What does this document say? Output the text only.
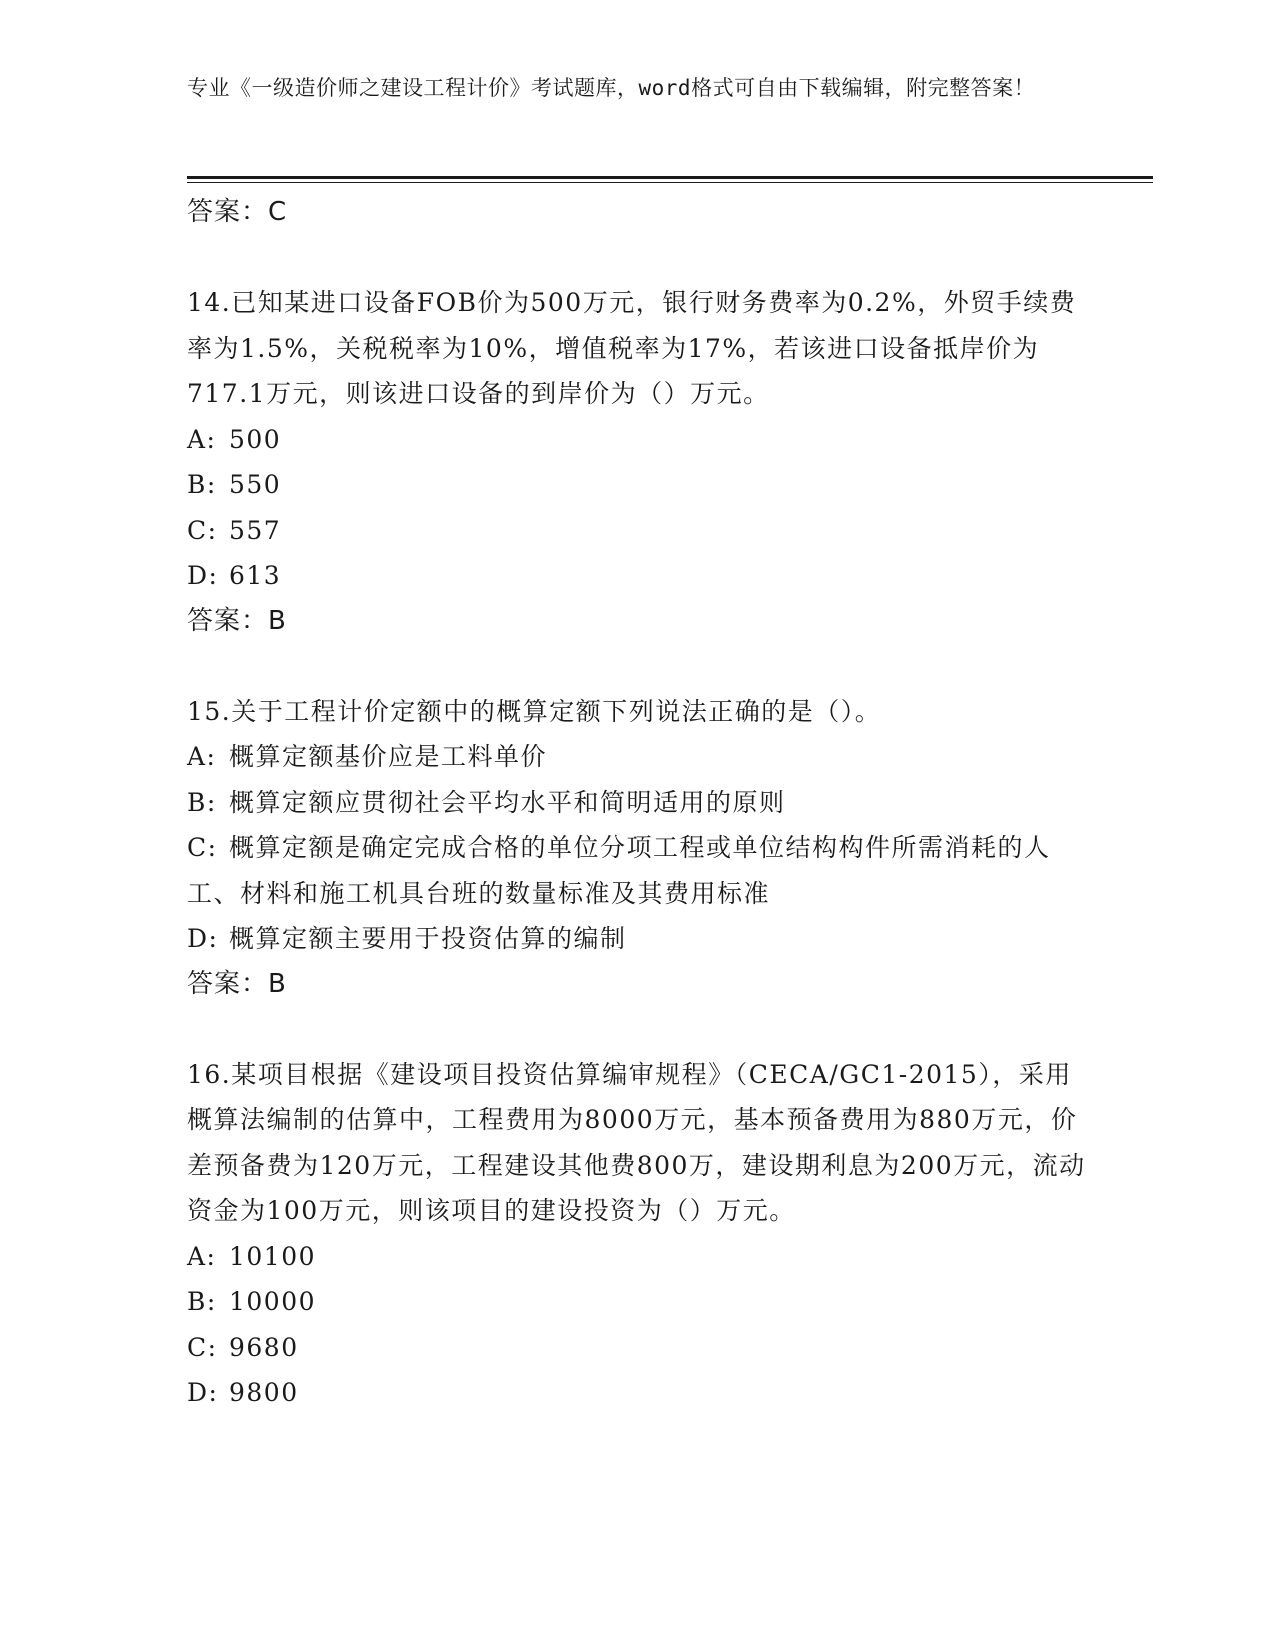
专业《一级造价师之建设工程计价》考试题库，word格式可自由下载编辑，附完整答案！
答案：C
14.已知某进口设备FOB价为500万元，银行财务费率为0.2%，外贸手续费率为1.5%，关税税率为10%，增值税率为17%，若该进口设备抵岸价为717.1万元，则该进口设备的到岸价为（）万元。
A: 500
B: 550
C: 557
D: 613
答案：B
15.关于工程计价定额中的概算定额下列说法正确的是（）。
A: 概算定额基价应是工料单价
B: 概算定额应贯彻社会平均水平和简明适用的原则
C: 概算定额是确定完成合格的单位分项工程或单位结构构件所需消耗的人工、材料和施工机具台班的数量标准及其费用标准
D: 概算定额主要用于投资估算的编制
答案：B
16.某项目根据《建设项目投资估算编审规程》（CECA/GC1-2015），采用概算法编制的估算中，工程费用为8000万元，基本预备费用为880万元，价差预备费为120万元，工程建设其他费800万，建设期利息为200万元，流动资金为100万元，则该项目的建设投资为（）万元。
A: 10100
B: 10000
C: 9680
D: 9800
